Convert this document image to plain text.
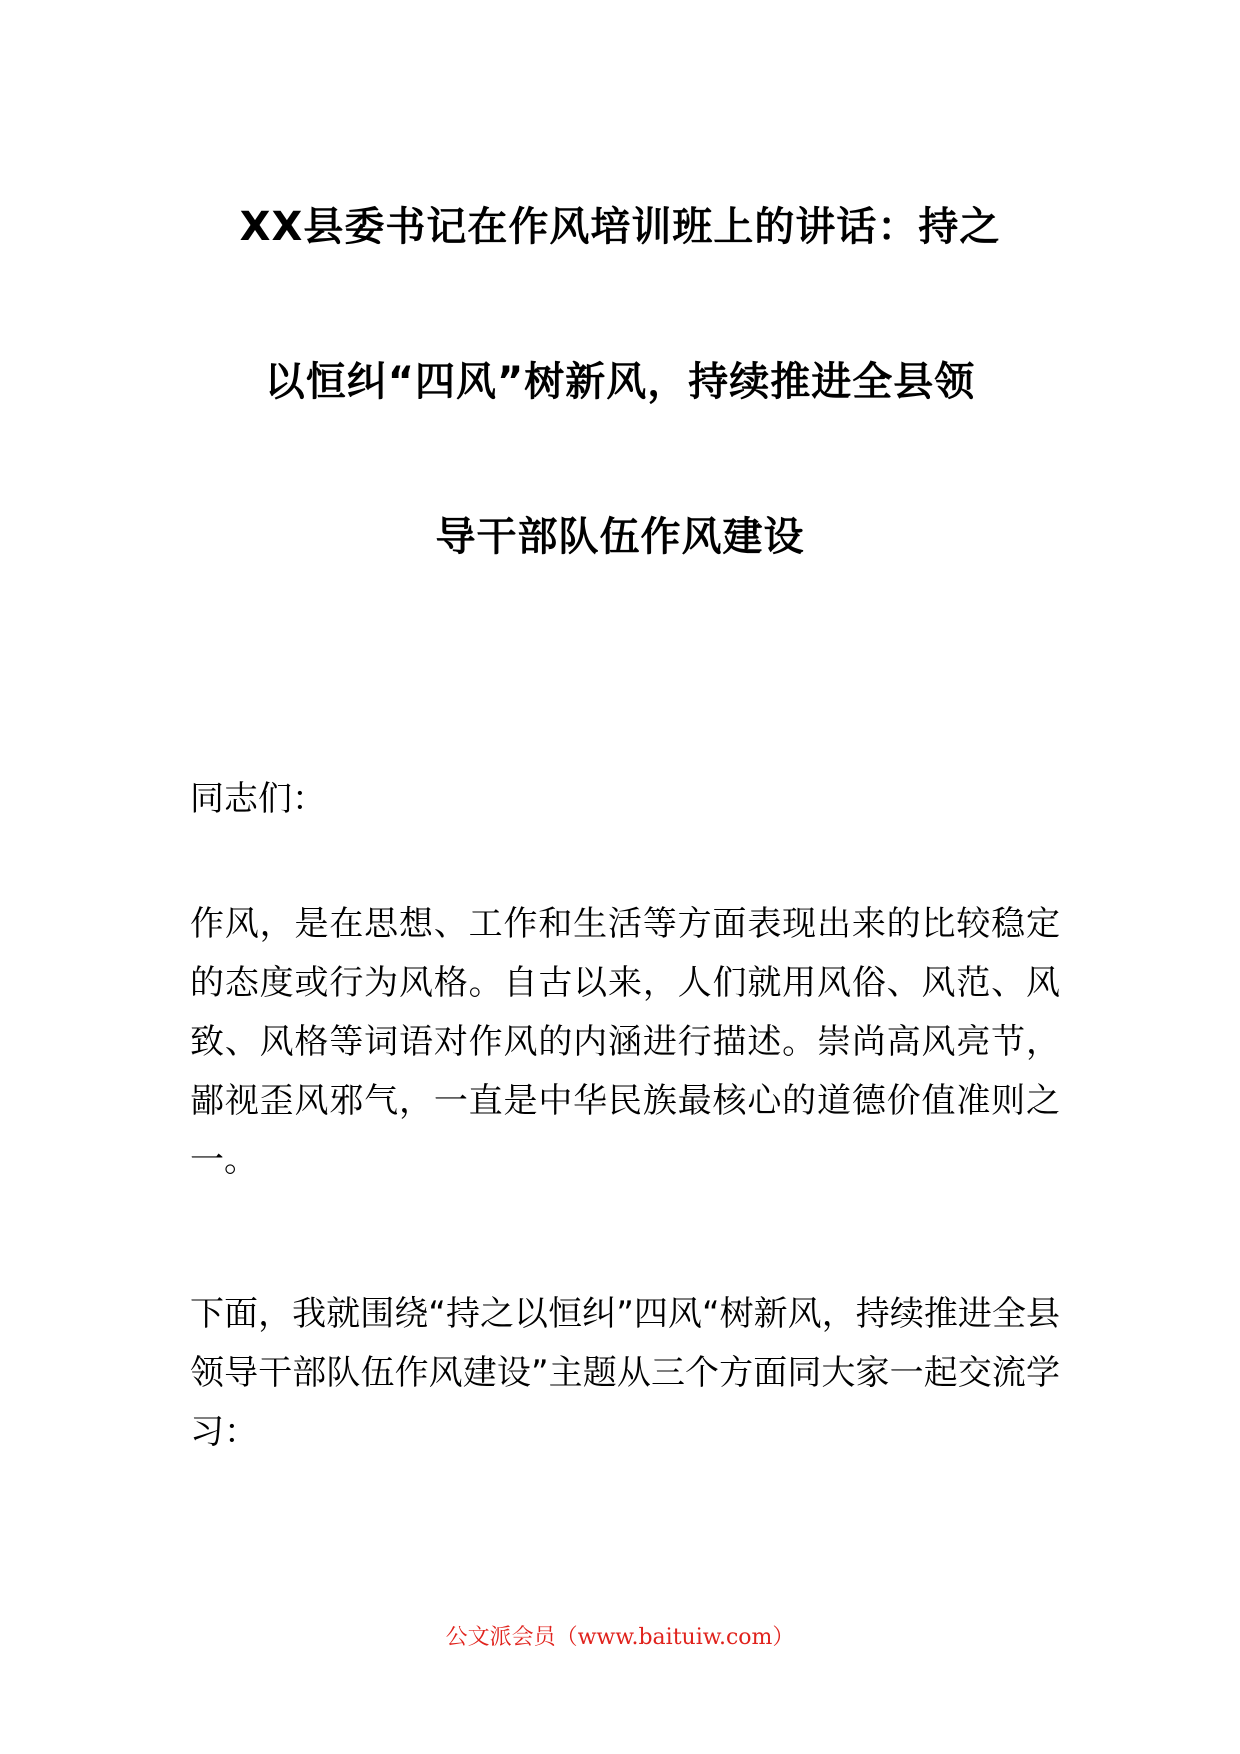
XX县委书记在作风培训班上的讲话：持之
以恒纠“四风”树新风，持续推进全县领
导干部队伍作风建设

同志们：

作风，是在思想、工作和生活等方面表现出来的比较稳定的态度或行为风格。自古以来，人们就用风俗、风范、风致、风格等词语对作风的内涵进行描述。崇尚高风亮节，鄙视歪风邪气，一直是中华民族最核心的道德价值准则之一。

下面，我就围绕“持之以恒纠”四风“树新风，持续推进全县领导干部队伍作风建设”主题从三个方面同大家一起交流学习：

公文派会员（www.baituiw.com）
